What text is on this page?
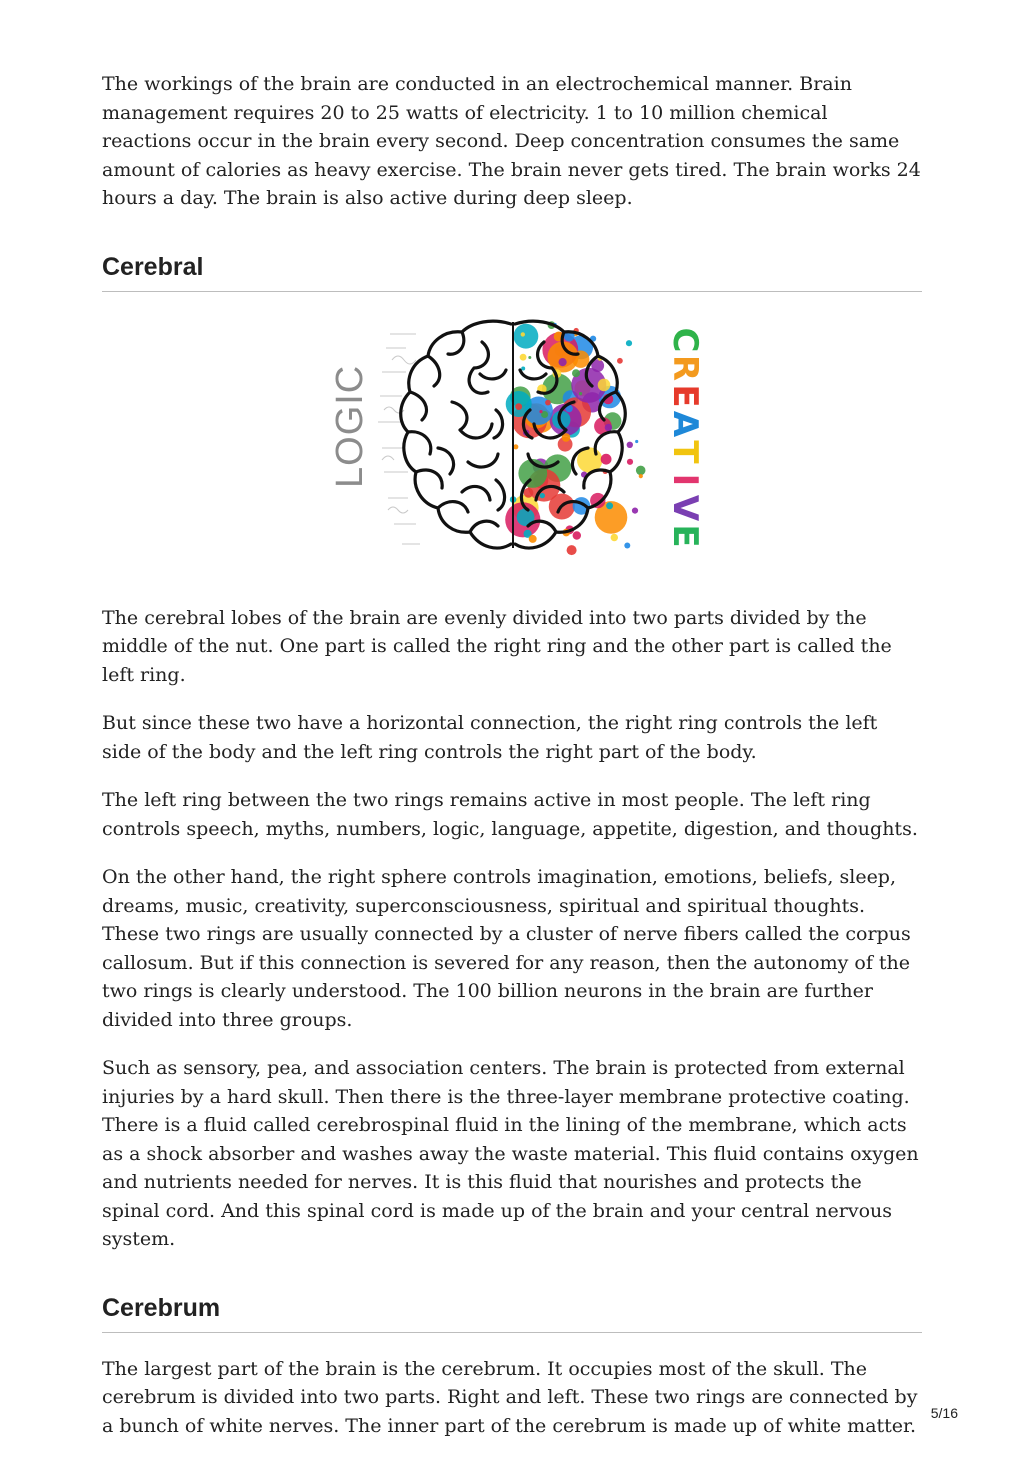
The workings of the brain are conducted in an electrochemical manner. Brain management requires 20 to 25 watts of electricity. 1 to 10 million chemical reactions occur in the brain every second. Deep concentration consumes the same amount of calories as heavy exercise. The brain never gets tired. The brain works 24 hours a day. The brain is also active during deep sleep.

Cerebral
LOGIC
C
R
E
A
T
I
V
E

The cerebral lobes of the brain are evenly divided into two parts divided by the middle of the nut. One part is called the right ring and the other part is called the left ring.

But since these two have a horizontal connection, the right ring controls the left side of the body and the left ring controls the right part of the body.

The left ring between the two rings remains active in most people. The left ring controls speech, myths, numbers, logic, language, appetite, digestion, and thoughts.

On the other hand, the right sphere controls imagination, emotions, beliefs, sleep, dreams, music, creativity, superconsciousness, spiritual and spiritual thoughts. These two rings are usually connected by a cluster of nerve fibers called the corpus callosum. But if this connection is severed for any reason, then the autonomy of the two rings is clearly understood. The 100 billion neurons in the brain are further divided into three groups.

Such as sensory, pea, and association centers. The brain is protected from external injuries by a hard skull. Then there is the three-layer membrane protective coating. There is a fluid called cerebrospinal fluid in the lining of the membrane, which acts as a shock absorber and washes away the waste material. This fluid contains oxygen and nutrients needed for nerves. It is this fluid that nourishes and protects the spinal cord. And this spinal cord is made up of the brain and your central nervous system.

Cerebrum

The largest part of the brain is the cerebrum. It occupies most of the skull. The cerebrum is divided into two parts. Right and left. These two rings are connected by a bunch of white nerves. The inner part of the cerebrum is made up of white matter.

5/16
